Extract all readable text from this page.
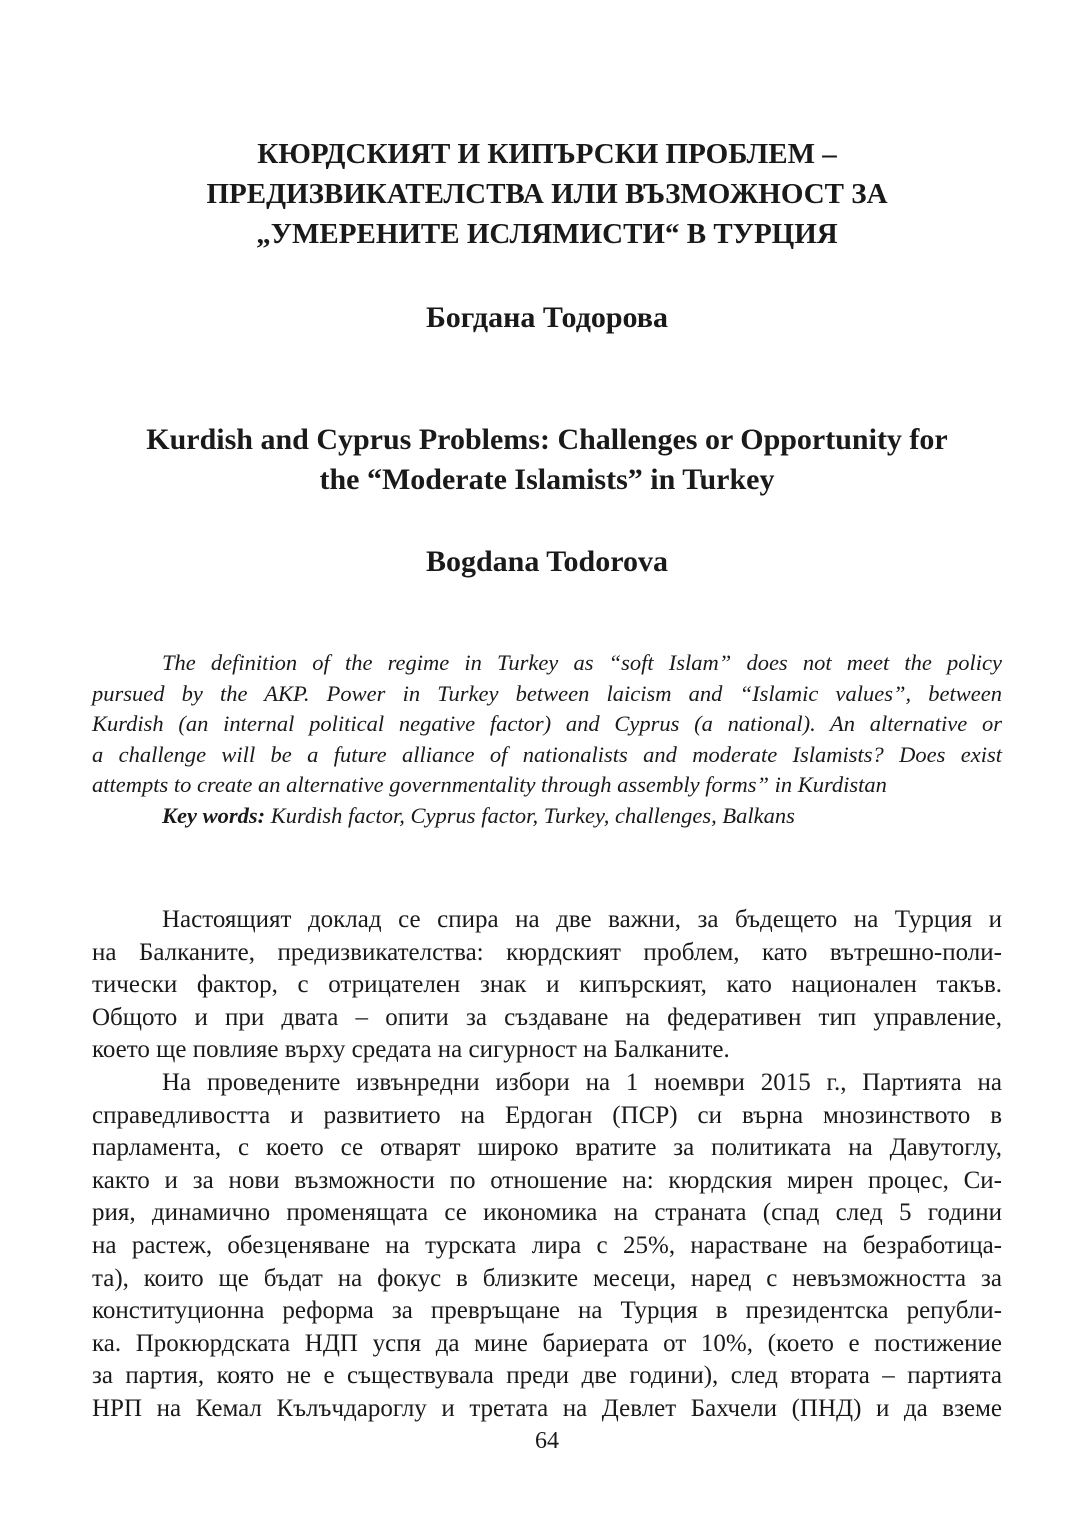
КЮРДСКИЯТ И КИПЪРСКИ ПРОБЛЕМ –
ПРЕДИЗВИКАТЕЛСТВА ИЛИ ВЪЗМОЖНОСТ ЗА
„УМЕРЕНИТЕ ИСЛЯМИСТИ“ В ТУРЦИЯ
Богдана Тодорова
Kurdish and Cyprus Problems: Challenges or Opportunity for
the “Moderate Islamists” in Turkey
Bogdana Todorova
The definition of the regime in Turkey as “soft Islam” does not meet the policy
pursued by the AKP. Power in Turkey between laicism and “Islamic values”, between
Kurdish (an internal political negative factor) and Cyprus (a national). An alternative or
a challenge will be a future alliance of nationalists and moderate Islamists? Does exist
attempts to create an alternative governmentality through assembly forms” in Kurdistan
Key words: Kurdish factor, Cyprus factor, Turkey, challenges, Balkans
Настоящият доклад се спира на две важни, за бъдещето на Турция и
на Балканите, предизвикателства: кюрдският проблем, като вътрешно-поли-
тически фактор, с отрицателен знак и кипърският, като национален такъв.
Общото и при двата – опити за създаване на федеративен тип управление,
което ще повлияе върху средата на сигурност на Балканите.
На проведените извънредни избори на 1 ноември 2015 г., Партията на
справедливостта и развитието на Ердоган (ПСР) си върна мнозинството в
парламента, с което се отварят широко вратите за политиката на Давутоглу,
както и за нови възможности по отношение на: кюрдския мирен процес, Си-
рия, динамично променящата се икономика на страната (спад след 5 години
на растеж, обезценяване на турската лира с 25%, нарастване на безработица-
та), които ще бъдат на фокус в близките месеци, наред с невъзможността за
конституционна реформа за превръщане на Турция в президентска републи-
ка. Прокюрдската НДП успя да мине бариерата от 10%, (което е постижение
за партия, която не е съществувала преди две години), след втората – партията
НРП на Кемал Кълъчдароглу и третата на Девлет Бахчели (ПНД) и да вземе
64
